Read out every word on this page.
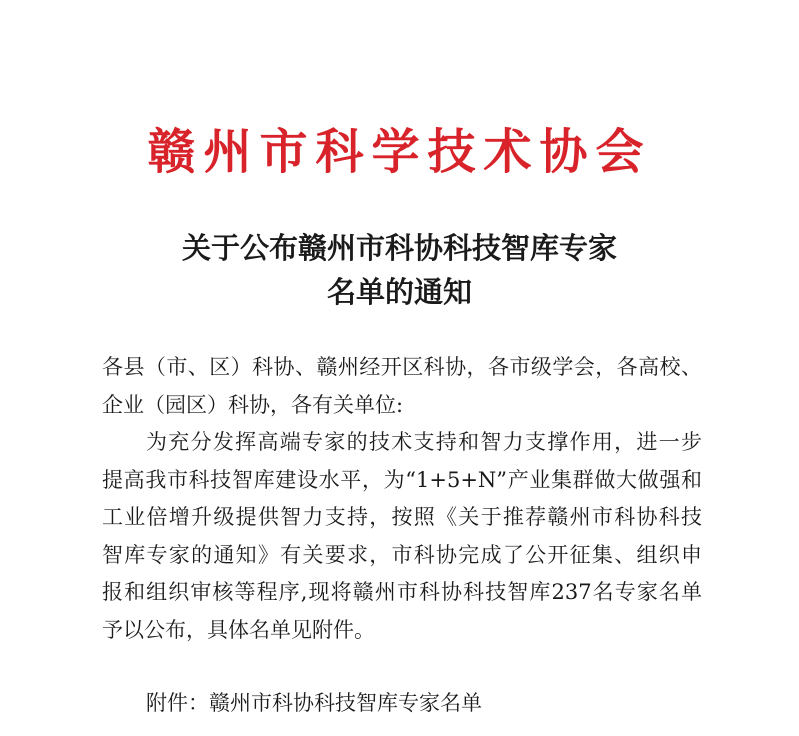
赣州市科学技术协会
关于公布赣州市科协科技智库专家
名单的通知
各县（市、区）科协、赣州经开区科协，各市级学会，各高校、
企业（园区）科协，各有关单位:
为充分发挥高端专家的技术支持和智力支撑作用，进一步
提高我市科技智库建设水平，为“1+5+N”产业集群做大做强和
工业倍增升级提供智力支持，按照《关于推荐赣州市科协科技
智库专家的通知》有关要求，市科协完成了公开征集、组织申
报和组织审核等程序,现将赣州市科协科技智库237名专家名单
予以公布，具体名单见附件。
附件：赣州市科协科技智库专家名单
